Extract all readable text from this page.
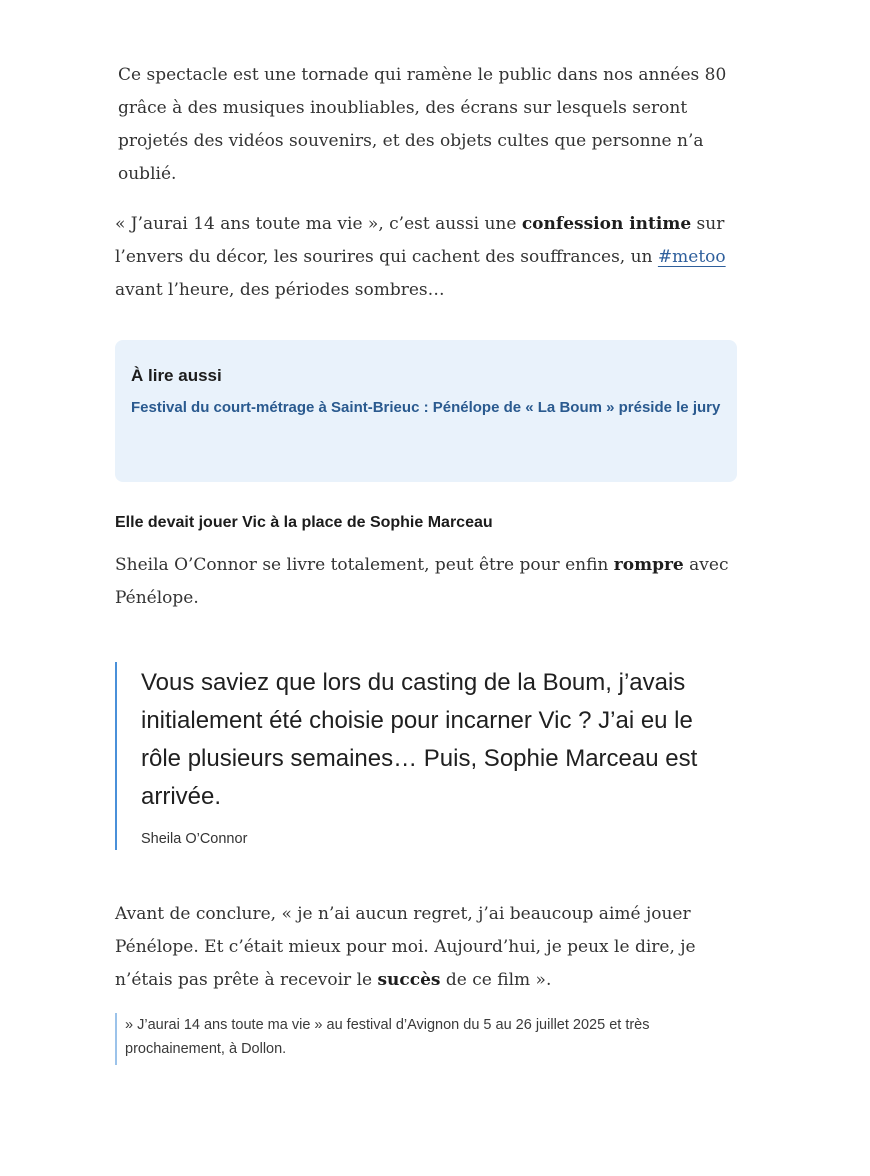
Ce spectacle est une tornade qui ramène le public dans nos années 80 grâce à des musiques inoubliables, des écrans sur lesquels seront projetés des vidéos souvenirs, et des objets cultes que personne n’a oublié.

« J’aurai 14 ans toute ma vie », c’est aussi une confession intime sur l’envers du décor, les sourires qui cachent des souffrances, un #metoo avant l’heure, des périodes sombres…

À lire aussi
Festival du court-métrage à Saint-Brieuc : Pénélope de « La Boum » préside le jury
Elle devait jouer Vic à la place de Sophie Marceau

Sheila O’Connor se livre totalement, peut être pour enfin rompre avec Pénélope.

Vous saviez que lors du casting de la Boum, j’avais initialement été choisie pour incarner Vic ? J’ai eu le rôle plusieurs semaines… Puis, Sophie Marceau est arrivée.

Sheila O’Connor

Avant de conclure, « je n’ai aucun regret, j’ai beaucoup aimé jouer Pénélope. Et c’était mieux pour moi. Aujourd’hui, je peux le dire, je n’étais pas prête à recevoir le succès de ce film ».

» J’aurai 14 ans toute ma vie » au festival d’Avignon du 5 au 26 juillet 2025 et très prochainement, à Dollon.
